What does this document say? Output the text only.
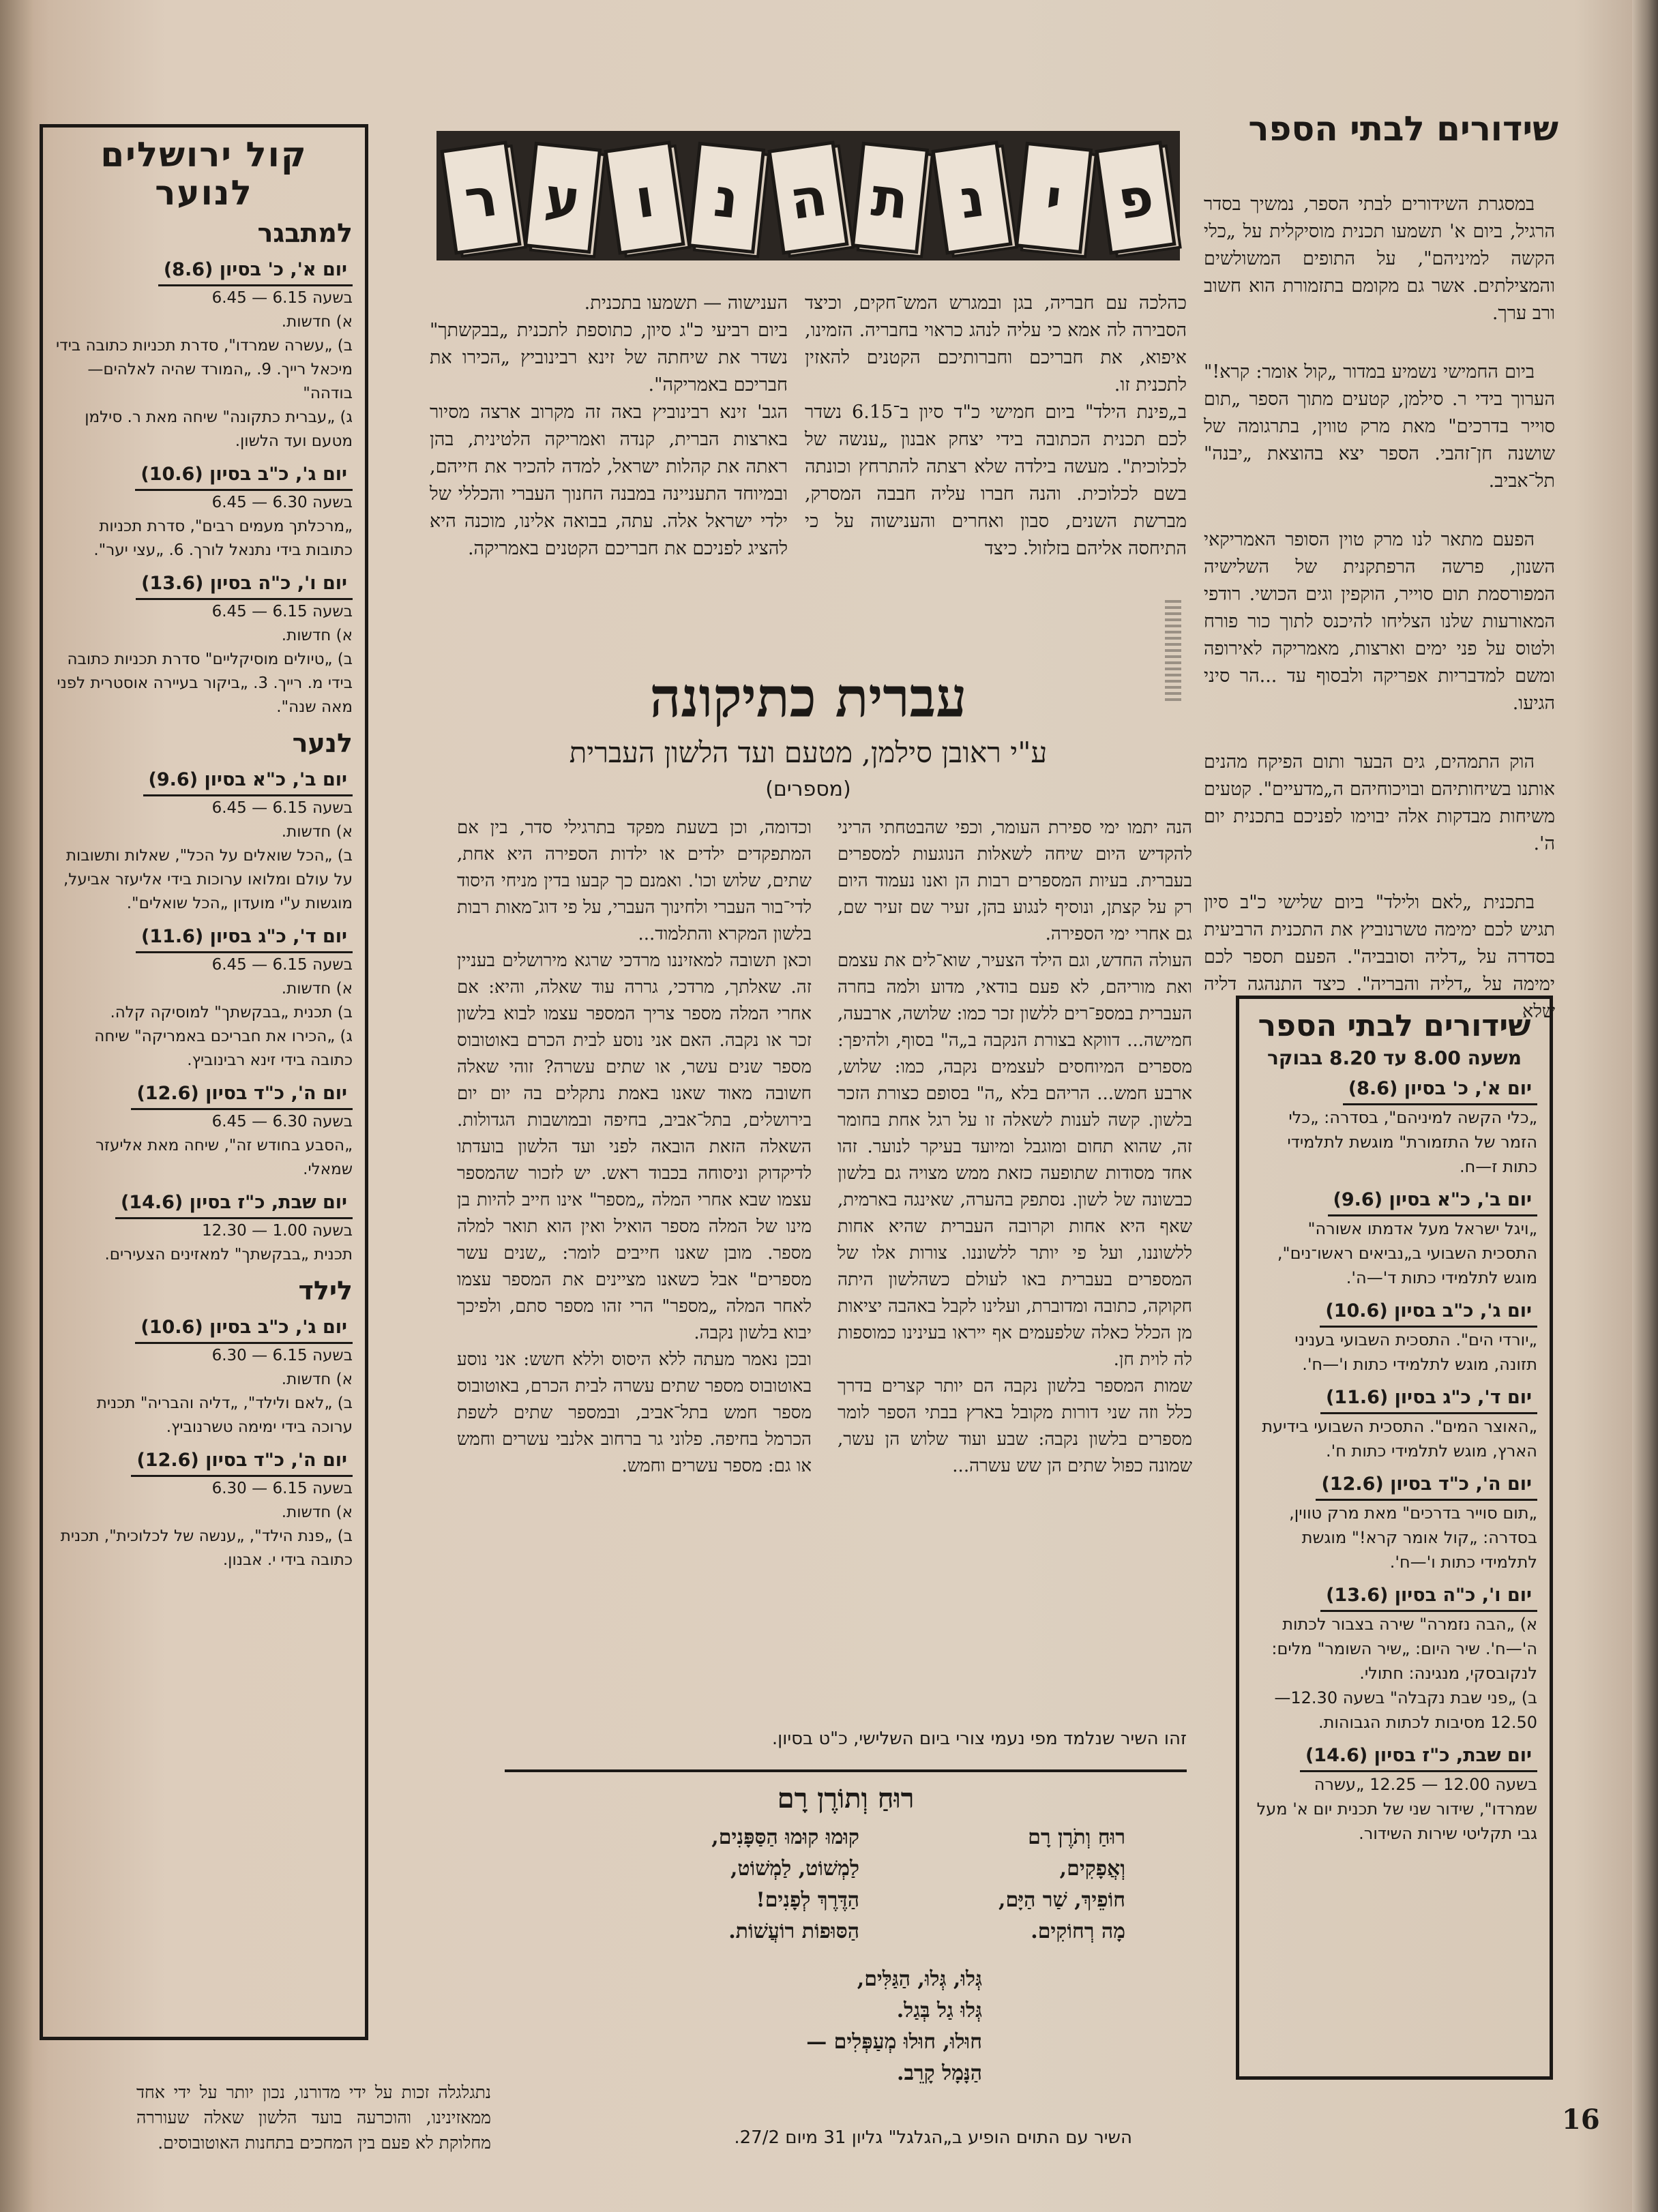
שידורים לבתי הספר

במסגרת השידורים לבתי הספר, נמשיך בסדר הרגיל, ביום א' תשמעו תכנית מוסיקלית על „כלי הקשה למיניהם", על התופים המשולשים והמצילתים. אשר גם מקומם בתזמורת הוא חשוב ורב ערך.

ביום החמישי נשמיע במדור „קול אומר: קרא!" הערוך בידי ר. סילמן, קטעים מתוך הספר „תום סוייר בדרכים" מאת מרק טווין, בתרגומה של שושנה חן־זהבי. הספר יצא בהוצאת „יבנה" תל־אביב.

הפעם מתאר לנו מרק טוין הסופר האמריקאי השנון, פרשה הרפתקנית של השלישיה המפורסמת תום סוייר, הוקפין וגים הכושי. רודפי המאורעות שלנו הצליחו להיכנס לתוך כור פורח ולטוס על פני ימים וארצות, מאמריקה לאירופה ומשם למדבריות אפריקה ולבסוף עד ...הר סיני הגיעו.

הוק התמהים, גים הבער ותום הפיקח מהנים אותנו בשיחותיהם ובויכוחיהם ה„מדעיים". קטעים משיחות מבדקות אלה יבוימו לפניכם בתכנית יום ה'.

בתכנית „לאם ולילד" ביום שלישי כ"ב סיון תגיש לכם ימימה טשרנוביץ את התכנית הרביעית בסדרה על „דליה וסובביה". הפעם תספר לכם ימימה על „דליה והבריה". כיצד התנהגה דליה שלא

שידורים לבתי הספר
משעה 8.00 עד 8.20 בבוקר
יום א', כ' בסיון (8.6)
„כלי הקשה למיניהם", בסדרה: „כלי הזמר של התזמורת" מוגשת לתלמידי כתות ז—ח.
יום ב', כ"א בסיון (9.6)
„ויגל ישראל מעל אדמתו אשורה" התסכית השבועי ב„נביאים ראשו־נים", מוגש לתלמידי כתות ד'—ה'.
יום ג', כ"ב בסיון (10.6)
„יורדי הים". התסכית השבועי בעניני תזונה, מוגש לתלמידי כתות ו'—ח'.
יום ד', כ"ג בסיון (11.6)
„האוצר המים". התסכית השבועי בידיעת הארץ, מוגש לתלמידי כתות ח'.
יום ה', כ"ד בסיון (12.6)
„תום סוייר בדרכים" מאת מרק טווין, בסדרה: „קול אומר קרא!" מוגשת לתלמידי כתות ו'—ח'.
יום ו', כ"ה בסיון (13.6)
א) „הבה נזמרה" שירה בצבור לכתות ה'—ח'. שיר היום: „שיר השומר" מלים: לנקובסקי, מנגינה: חתולי.
ב) „פני שבת נקבלה" בשעה 12.30—12.50 מסיבות לכתות הגבוהות.
יום שבת, כ"ז בסיון (14.6)
בשעה 12.00 — 12.25 „עשרה שמרדו", שידור שני של תכנית יום א' מעל גבי תקליטי שירות השידור.
פ
י
נ
ת
ה
נ
ו
ע
ר
כהלכה עם חבריה, בגן ובמגרש המש־חקים, וכיצד הסבירה לה אמא כי עליה לנהג כראוי בחבריה. הזמינו, איפוא, את חבריכם וחברותיכם הקטנים להאזין לתכנית זו.
ב„פינת הילד" ביום חמישי כ"ד סיון ב־6.15 נשדר לכם תכנית הכתובה בידי יצחק אבנון „ענשה של לכלוכית". מעשה בילדה שלא רצתה להתרחץ וכונתה בשם לכלוכית. והנה חברו עליה חבבה המסרק, מברשת השנים, סבון ואחרים והענישוה על כי התיחסה אליהם בזלזול. כיצד
הענישוה — תשמעו בתכנית.
ביום רביעי כ"ג סיון, כתוספת לתכנית „בבקשתך" נשדר את שיחתה של זינא רבינוביץ „הכירו את חבריכם באמריקה".
הגב' זינא רבינוביץ באה זה מקרוב ארצה מסיור בארצות הברית, קנדה ואמריקה הלטינית, בהן ראתה את קהלות ישראל, למדה להכיר את חייהם, ובמיוחד התעניינה במבנה החנוך העברי והכללי של ילדי ישראל אלה. עתה, בבואה אלינו, מוכנה היא להציג לפניכם את חבריכם הקטנים באמריקה.
עברית כתיקונה
ע"י ראובן סילמן, מטעם ועד הלשון העברית
(מספרים)
הנה יתמו ימי ספירת העומר, וכפי שהבטחתי הריני להקדיש היום שיחה לשאלות הנוגעות למספרים בעברית. בעיות המספרים רבות הן ואנו נעמוד היום רק על קצתן, ונוסיף לנגוע בהן, זעיר שם זעיר שם, גם אחרי ימי הספירה.
העולה החדש, וגם הילד הצעיר, שוא־לים את עצמם ואת מוריהם, לא פעם בודאי, מדוע ולמה בחרה העברית במספ־רים ללשון זכר כמו: שלושה, ארבעה, חמישה... דווקא בצורת הנקבה ב„ה" בסוף, ולהיפך: מספרים המיוחסים לעצמים נקבה, כמו: שלוש, ארבע חמש... הריהם בלא „ה" בסופם כצורת הזכר בלשון. קשה לענות לשאלה זו על רגל אחת בחומר זה, שהוא תחום ומוגבל ומיועד בעיקר לנוער. זהו אחד מסודות שתופעה כזאת ממש מצויה גם בלשון כבשונה של לשון. נסתפק בהערה, שאינגה בארמית, שאף היא אחות וקרובה העברית שהיא אחות ללשוננו, ועל פי יותר ללשוננו. צורות אלו של המספרים בעברית באו לעולם כשהלשון היתה חקוקה, כתובה ומדוברת, ועלינו לקבל באהבה יציאות מן הכלל כאלה שלפעמים אף ייראו בעינינו כמוספות לה לוית חן.
שמות המספר בלשון נקבה הם יותר קצרים בדרך כלל וזה שני דורות מקובל בארץ בבתי הספר לומר מספרים בלשון נקבה: שבע ועוד שלוש הן עשר, שמונה כפול שתים הן שש עשרה...
וכדומה, וכן בשעת מפקד בתרגילי סדר, בין אם המתפקדים ילדים או ילדות הספירה היא אחת, שתים, שלוש וכו'. ואמנם כך קבעו בדין מניחי היסוד לדי־בור העברי ולחינוך העברי, על פי דוג־מאות רבות בלשון המקרא והתלמוד...
וכאן תשובה למאזיננו מרדכי שרגא מירושלים בעניין זה. שאלתך, מרדכי, גררה עוד שאלה, והיא: אם אחרי המלה מספר צריך המספר עצמו לבוא בלשון זכר או נקבה. האם אני נוסע לבית הכרם באוטובוס מספר שנים עשר, או שתים עשרה? זוהי שאלה חשובה מאוד שאנו באמת נתקלים בה יום יום בירושלים, בתל־אביב, בחיפה ובמושבות הגדולות. השאלה הזאת הובאה לפני ועד הלשון בועדתו לדיקדוק וניסוחה בכבוד ראש. יש לזכור שהמספר עצמו שבא אחרי המלה „מספר" אינו חייב להיות בן מינו של המלה מספר הואיל ואין הוא תואר למלה מספר. מובן שאנו חייבים לומר: „שנים עשר מספרים" אבל כשאנו מציינים את המספר עצמו לאחר המלה „מספר" הרי זהו מספר סתם, ולפיכך יבוא בלשון נקבה.
ובכן נאמר מעתה ללא היסוס וללא חשש: אני נוסע באוטובוס מספר שתים עשרה לבית הכרם, באוטובוס מספר חמש בתל־אביב, ובמספר שתים לשפת הכרמל בחיפה. פלוני גר ברחוב אלנבי עשרים וחמש או גם: מספר עשרים וחמש.
זהו השיר שנלמד מפי נעמי צורי ביום השלישי, כ"ט בסיון.
רוּחַ וְתוֹרֶן רָם
רוּחַ וְתֹרֶן רָם
וְאֲפָקִים,
חוֹפֵיךְ, שַׁר הַיָּם,
מָה רְחוֹקִים.
קוּמוּ קוּמוּ הַסַּפָּנִים,
לַמְשׁוֹט, לַמְשׁוֹט,
הַדֶּרֶךְ לְפָנִים!
הַסּוּפוֹת רוֹעֲשׁוֹת.
גְּלוּ, גְּלוּ, הַגַּלִּים,
גְּלוּ גַל בְּגַל.
חוּלוּ, חוּלוּ מְעַפְּלִים —
הַנָּמָל קָרֵב.
השיר עם התוים הופיע ב„הגלגל" גליון 31 מיום 27/2.
קול ירושלים לנוער
למתבגר
יום א', כ' בסיון (8.6)
בשעה 6.15 — 6.45
א) חדשות.
ב) „עשרה שמרדו", סדרת תכניות כתובה בידי מיכאל רייך. 9. „המורד שהיה לאלהים—בודהה"
ג) „עברית כתקונה" שיחה מאת ר. סילמן מטעם ועד הלשון.
יום ג', כ"ב בסיון (10.6)
בשעה 6.30 — 6.45
„מרכלתך מעמים רבים", סדרת תכניות כתובות בידי נתנאל לורך. 6. „עצי יער".
יום ו', כ"ה בסיון (13.6)
בשעה 6.15 — 6.45
א) חדשות.
ב) „טיולים מוסיקליים" סדרת תכניות כתובה בידי מ. רייך. 3. „ביקור בעיירה אוסטרית לפני מאה שנה".
לנער
יום ב', כ"א בסיון (9.6)
בשעה 6.15 — 6.45
א) חדשות.
ב) „הכל שואלים על הכל", שאלות ותשובות על עולם ומלואו ערוכות בידי אליעזר אביעל, מוגשות ע"י מועדון „הכל שואלים".
יום ד', כ"ג בסיון (11.6)
בשעה 6.15 — 6.45
א) חדשות.
ב) תכנית „בבקשתך" למוסיקה קלה.
ג) „הכירו את חבריכם באמריקה" שיחה כתובה בידי זינא רבינוביץ.
יום ה', כ"ד בסיון (12.6)
בשעה 6.30 — 6.45
„הסבע בחודש זה", שיחה מאת אליעזר שמאלי.
יום שבת, כ"ז בסיון (14.6)
בשעה 1.00 — 12.30
תכנית „בבקשתך" למאזינים הצעירים.
לילד
יום ג', כ"ב בסיון (10.6)
בשעה 6.15 — 6.30
א) חדשות.
ב) „לאם ולילד", „דליה והבריה" תכנית ערוכה בידי ימימה טשרנוביץ.
יום ה', כ"ד בסיון (12.6)
בשעה 6.15 — 6.30
א) חדשות.
ב) „פנת הילד", „ענשה של לכלוכית", תכנית כתובה בידי י. אבנון.
נתגלגלה זכות על ידי מדורנו, נכון יותר על ידי אחד ממאזינינו, והוכרעה בועד הלשון שאלה שעוררה מחלוקת לא פעם בין המחכים בתחנות האוטובוסים.
16
